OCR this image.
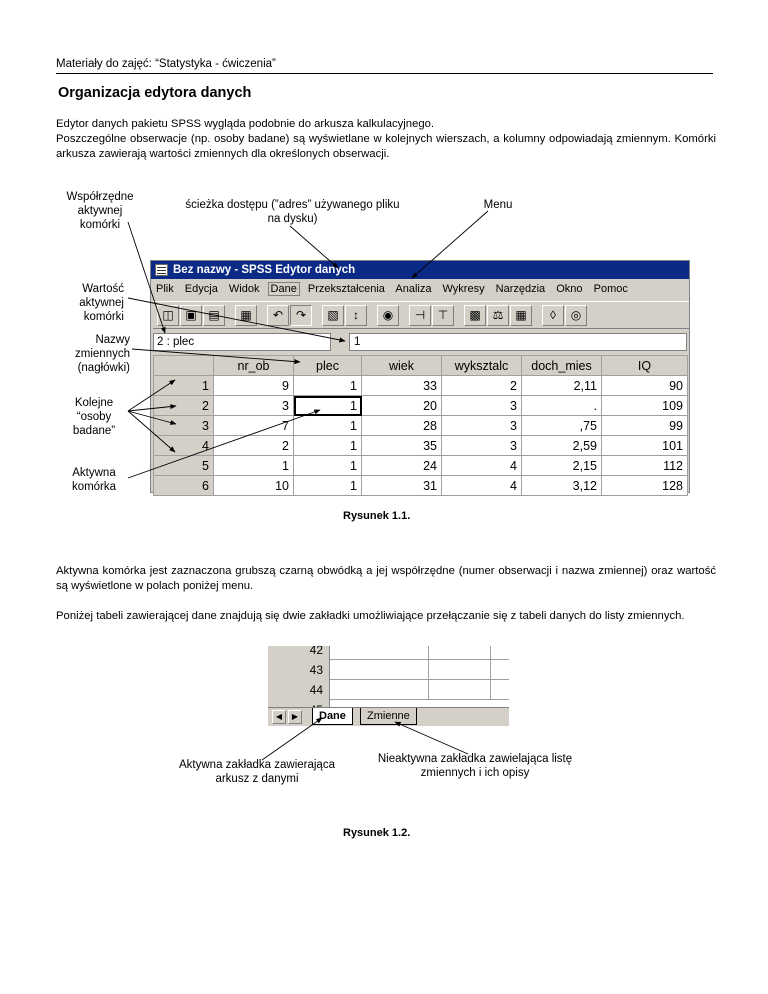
Materiały do zajęć: “Statystyka - ćwiczenia”
Organizacja edytora danych

Edytor danych pakietu SPSS wygląda podobnie do arkusza kalkulacyjnego.

Poszczególne obserwacje (np. osoby badane) są wyświetlane w kolejnych wierszach, a kolumny odpowiadają zmiennym. Komórki arkusza zawierają wartości zmiennych dla określonych obserwacji.

Współrzędne aktywnej komórki
ścieżka dostępu (”adres” używanego pliku na dysku)
Menu
Wartość aktywnej komórki
Nazwy zmiennych (nagłówki)
Kolejne “osoby badane”
Aktywna komórka
Bez nazwy - SPSS Edytor danych
Plik Edycja Widok Dane Przekształcenia Analiza Wykresy Narzędzia Okno Pomoc
◫ ▣ ▤	▦	↶	↷	▧	↕	◉	⊣	⊤	▩ ⚖ ▦	◊	◎
2 : plec	1
	nr_ob	plec	wiek	wyksztalc	doch_mies	IQ
1	9	1	33	2	2,11	90
2	3	1	20	3	.	109
3	7	1	28	3	,75	99
4	2	1	35	3	2,59	101
5	1	1	24	4	2,15	112
6	10	1	31	4	3,12	128
Rysunek 1.1.
Aktywna komórka jest zaznaczona grubszą czarną obwódką a jej współrzędne (numer obserwacji i nazwa zmiennej) oraz wartość są wyświetlone w polach poniżej menu.
Poniżej tabeli zawierającej dane znajdują się dwie zakładki umożliwiające przełączanie się z tabeli danych do listy zmiennych.
42
43
44
◀	▶	Dane	Zmienne
Aktywna zakładka zawierająca arkusz z danymi
Nieaktywna zakładka zawielająca listę zmiennych i ich opisy
Rysunek 1.2.
